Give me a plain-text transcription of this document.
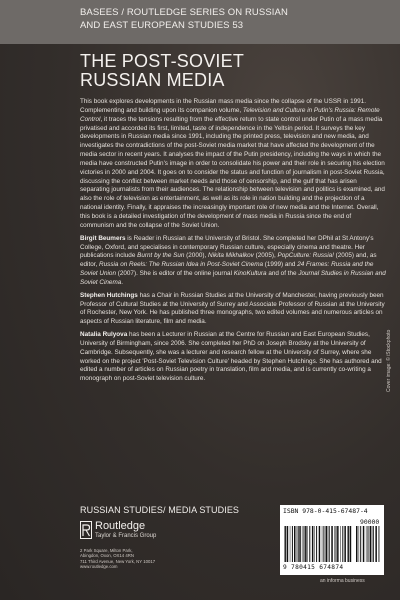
BASEES / ROUTLEDGE SERIES ON RUSSIAN
AND EAST EUROPEAN STUDIES 53
THE POST-SOVIET
RUSSIAN MEDIA

This book explores developments in the Russian mass media since the collapse of the USSR in 1991. Complementing and building upon its companion volume, Television and Culture in Putin's Russia: Remote Control, it traces the tensions resulting from the effective return to state control under Putin of a mass media privatised and accorded its first, limited, taste of independence in the Yeltsin period. It surveys the key developments in Russian media since 1991, including the printed press, television and new media, and investigates the contradictions of the post-Soviet media market that have affected the development of the media sector in recent years. It analyses the impact of the Putin presidency, including the ways in which the media have constructed Putin's image in order to consolidate his power and their role in securing his election victories in 2000 and 2004. It goes on to consider the status and function of journalism in post-Soviet Russia, discussing the conflict between market needs and those of censorship, and the gulf that has arisen separating journalists from their audiences. The relationship between television and politics is examined, and also the role of television as entertainment, as well as its role in nation building and the projection of a national identity. Finally, it appraises the increasingly important role of new media and the Internet. Overall, this book is a detailed investigation of the development of mass media in Russia since the end of communism and the collapse of the Soviet Union.

Birgit Beumers is Reader in Russian at the University of Bristol. She completed her DPhil at St Antony's College, Oxford, and specialises in contemporary Russian culture, especially cinema and theatre. Her publications include Burnt by the Sun (2000), Nikita Mikhalkov (2005), PopCulture: Russia! (2005) and, as editor, Russia on Reels: The Russian Idea in Post-Soviet Cinema (1999) and 24 Frames: Russia and the Soviet Union (2007). She is editor of the online journal KinoKultura and of the Journal Studies in Russian and Soviet Cinema.

Stephen Hutchings has a Chair in Russian Studies at the University of Manchester, having previously been Professor of Cultural Studies at the University of Surrey and Associate Professor of Russian at the University of Rochester, New York. He has published three monographs, two edited volumes and numerous articles on aspects of Russian literature, film and media.

Natalia Rulyova has been a Lecturer in Russian at the Centre for Russian and East European Studies, University of Birmingham, since 2006. She completed her PhD on Joseph Brodsky at the University of Cambridge. Subsequently, she was a lecturer and research fellow at the University of Surrey, where she worked on the project 'Post-Soviet Television Culture' headed by Stephen Hutchings. She has authored and edited a number of articles on Russian poetry in translation, film and media, and is currently co-writing a monograph on post-Soviet television culture.

RUSSIAN STUDIES/ MEDIA STUDIES
Routledge
Taylor & Francis Group
2 Park Square, Milton Park,
Abingdon, Oxon, OX14 4RN
711 Third Avenue, New York, NY 10017
www.routledge.com
Cover image: © iStockphoto
ISBN 978-0-415-67487-4
90000
9 780415 674874
an informa business
